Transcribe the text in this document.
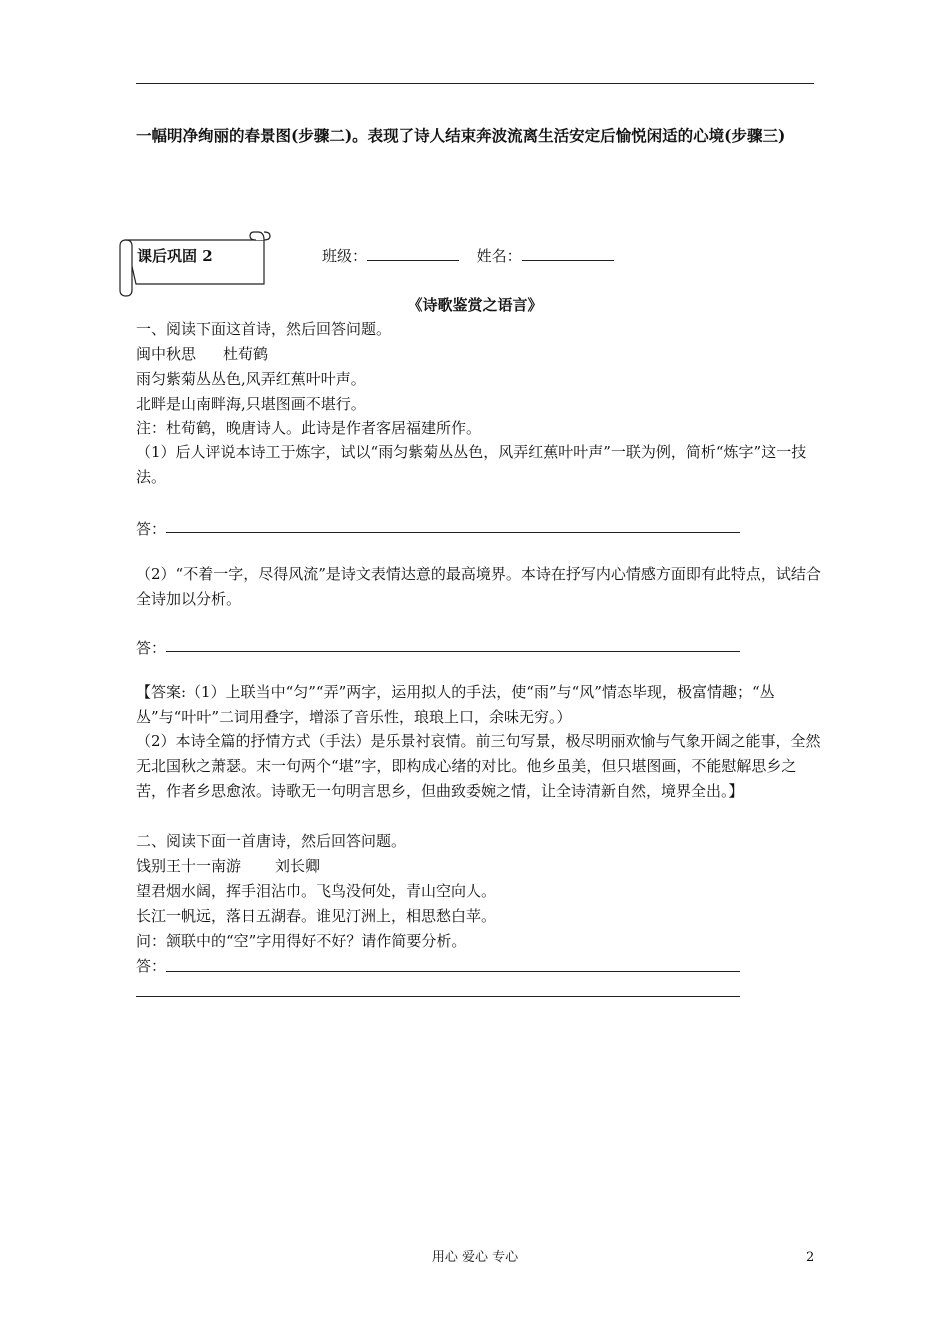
一幅明净绚丽的春景图(步骤二)。表现了诗人结束奔波流离生活安定后愉悦闲适的心境(步骤三)
课后巩固 2	班级：	姓名：
《诗歌鉴赏之语言》
一、阅读下面这首诗，然后回答问题。
闽中秋思 杜荀鹤
雨匀紫菊丛丛色,风弄红蕉叶叶声。
北畔是山南畔海,只堪图画不堪行。
注：杜荀鹤，晚唐诗人。此诗是作者客居福建所作。
（1）后人评说本诗工于炼字，试以“雨匀紫菊丛丛色，风弄红蕉叶叶声”一联为例，简析“炼字”这一技法。
答：
（2）“不着一字，尽得风流”是诗文表情达意的最高境界。本诗在抒写内心情感方面即有此特点，试结合全诗加以分析。
答：
【答案:（1）上联当中“匀”“弄”两字，运用拟人的手法，使“雨”与“风”情态毕现，极富情趣；“丛丛”与“叶叶”二词用叠字，增添了音乐性，琅琅上口，余味无穷。）
（2）本诗全篇的抒情方式（手法）是乐景衬哀情。前三句写景，极尽明丽欢愉与气象开阔之能事，全然无北国秋之萧瑟。末一句两个“堪”字，即构成心绪的对比。他乡虽美，但只堪图画，不能慰解思乡之苦，作者乡思愈浓。诗歌无一句明言思乡，但曲致委婉之情，让全诗清新自然，境界全出。】
二、阅读下面一首唐诗，然后回答问题。
饯别王十一南游 刘长卿
望君烟水阔，挥手泪沾巾。飞鸟没何处，青山空向人。
长江一帆远，落日五湖春。谁见汀洲上，相思愁白苹。
问：颔联中的“空”字用得好不好？请作简要分析。
答：
用心 爱心 专心	2
